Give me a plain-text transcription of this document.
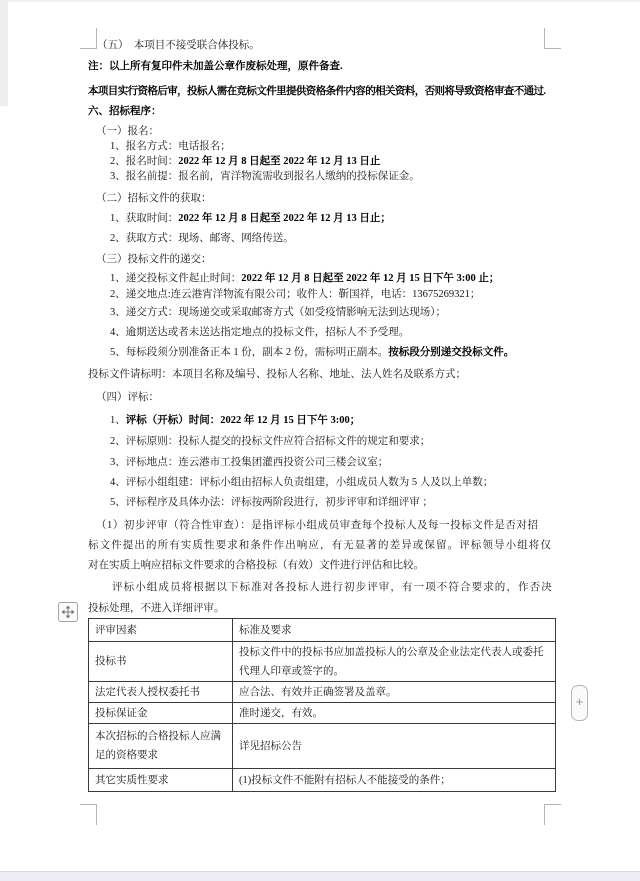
（五）　本项目不接受联合体投标。
注：以上所有复印件未加盖公章作废标处理，原件备查.
本项目实行资格后审，投标人需在竞标文件里提供资格条件内容的相关资料，否则将导致资格审查不通过.
六、招标程序：
（一）报名：
1、报名方式：电话报名；
2、报名时间：2022 年 12 月 8 日起至 2022 年 12 月 13 日止
3、报名前提：报名前，宵洋物流需收到报名人缴纳的投标保证金。
（二）招标文件的获取：
1、获取时间：2022 年 12 月 8 日起至 2022 年 12 月 13 日止；
2、获取方式：现场、邮寄、网络传送。
（三）投标文件的递交：
1、递交投标文件起止时间：2022 年 12 月 8 日起至 2022 年 12 月 15 日下午 3:00 止；
2、递交地点:连云港宵洋物流有限公司；收件人：靳国祥，电话：13675269321；
3、递交方式：现场递交或采取邮寄方式（如受疫情影响无法到达现场）；
4、逾期送达或者未送达指定地点的投标文件，招标人不予受理。
5、每标段须分别准备正本 1 份，副本 2 份，需标明正副本。按标段分别递交投标文件。
投标文件请标明：本项目名称及编号、投标人名称、地址、法人姓名及联系方式；
（四）评标：
1、评标（开标）时间：2022 年 12 月 15 日下午 3:00；
2、评标原则：投标人提交的投标文件应符合招标文件的规定和要求；
3、评标地点：连云港市工投集团灌西投资公司三楼会议室；
4、评标小组组建：评标小组由招标人负责组建，小组成员人数为 5 人及以上单数；
5、评标程序及具体办法：评标按两阶段进行，初步评审和详细评审 ；
（1）初步评审（符合性审查）：是指评标小组成员审查每个投标人及每一投标文件是否对招
标文件提出的所有实质性要求和条件作出响应，有无显著的差异或保留。评标领导小组将仅
对在实质上响应招标文件要求的合格投标（有效）文件进行评估和比较。
评标小组成员将根据以下标准对各投标人进行初步评审，有一项不符合要求的，作否决
投标处理，不进入详细评审。
+
评审因素	标准及要求
投标书	投标文件中的投标书应加盖投标人的公章及企业法定代表人或委托代理人印章或签字的。
法定代表人授权委托书	应合法、有效并正确签署及盖章。
投标保证金	准时递交，有效。
本次招标的合格投标人应满足的资格要求	详见招标公告
其它实质性要求	(1)投标文件不能附有招标人不能接受的条件；
